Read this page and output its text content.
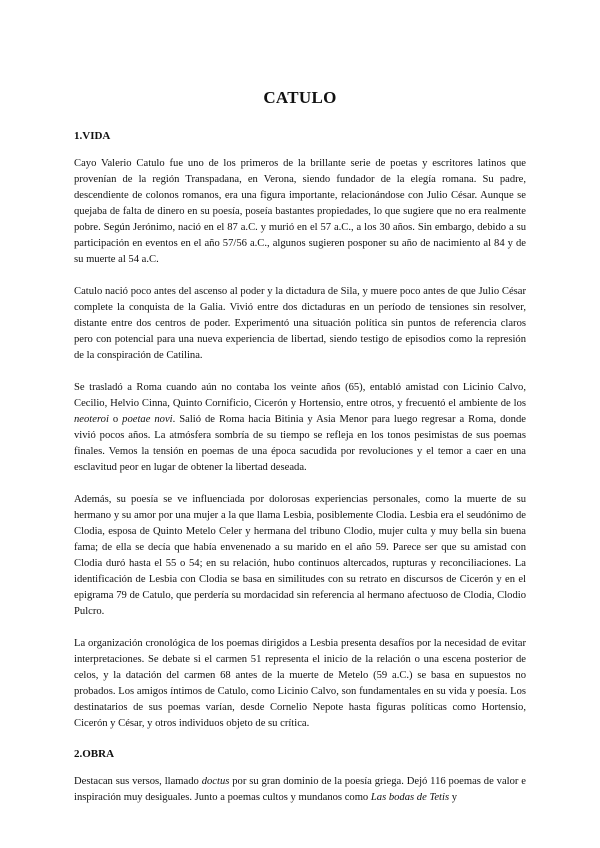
CATULO
1.VIDA

Cayo Valerio Catulo fue uno de los primeros de la brillante serie de poetas y escritores latinos que provenían de la región Transpadana, en Verona, siendo fundador de la elegía romana. Su padre, descendiente de colonos romanos, era una figura importante, relacionándose con Julio César. Aunque se quejaba de falta de dinero en su poesía, poseía bastantes propiedades, lo que sugiere que no era realmente pobre. Según Jerónimo, nació en el 87 a.C. y murió en el 57 a.C., a los 30 años. Sin embargo, debido a su participación en eventos en el año 57/56 a.C., algunos sugieren posponer su año de nacimiento al 84 y de su muerte al 54 a.C.

Catulo nació poco antes del ascenso al poder y la dictadura de Sila, y muere poco antes de que Julio César complete la conquista de la Galia. Vivió entre dos dictaduras en un período de tensiones sin resolver, distante entre dos centros de poder. Experimentó una situación política sin puntos de referencia claros pero con potencial para una nueva experiencia de libertad, siendo testigo de episodios como la represión de la conspiración de Catilina.

Se trasladó a Roma cuando aún no contaba los veinte años (65), entabló amistad con Licinio Calvo, Cecilio, Helvio Cinna, Quinto Cornificio, Cicerón y Hortensio, entre otros, y frecuentó el ambiente de los neoteroi o poetae novi. Salió de Roma hacia Bitinia y Asia Menor para luego regresar a Roma, donde vivió pocos años. La atmósfera sombría de su tiempo se refleja en los tonos pesimistas de sus poemas finales. Vemos la tensión en poemas de una época sacudida por revoluciones y el temor a caer en una esclavitud peor en lugar de obtener la libertad deseada.

Además, su poesía se ve influenciada por dolorosas experiencias personales, como la muerte de su hermano y su amor por una mujer a la que llama Lesbia, posiblemente Clodia. Lesbia era el seudónimo de Clodia, esposa de Quinto Metelo Celer y hermana del tribuno Clodio, mujer culta y muy bella sin buena fama; de ella se decía que había envenenado a su marido en el año 59. Parece ser que su amistad con Clodia duró hasta el 55 o 54; en su relación, hubo continuos altercados, rupturas y reconciliaciones. La identificación de Lesbia con Clodia se basa en similitudes con su retrato en discursos de Cicerón y en el epigrama 79 de Catulo, que perdería su mordacidad sin referencia al hermano afectuoso de Clodia, Clodio Pulcro.

La organización cronológica de los poemas dirigidos a Lesbia presenta desafíos por la necesidad de evitar interpretaciones. Se debate si el carmen 51 representa el inicio de la relación o una escena posterior de celos, y la datación del carmen 68 antes de la muerte de Metelo (59 a.C.) se basa en supuestos no probados. Los amigos íntimos de Catulo, como Licinio Calvo, son fundamentales en su vida y poesía. Los destinatarios de sus poemas varían, desde Cornelio Nepote hasta figuras políticas como Hortensio, Cicerón y César, y otros individuos objeto de su crítica.

2.OBRA

Destacan sus versos, llamado doctus por su gran dominio de la poesía griega. Dejó 116 poemas de valor e inspiración muy desiguales. Junto a poemas cultos y mundanos como Las bodas de Tetis y
